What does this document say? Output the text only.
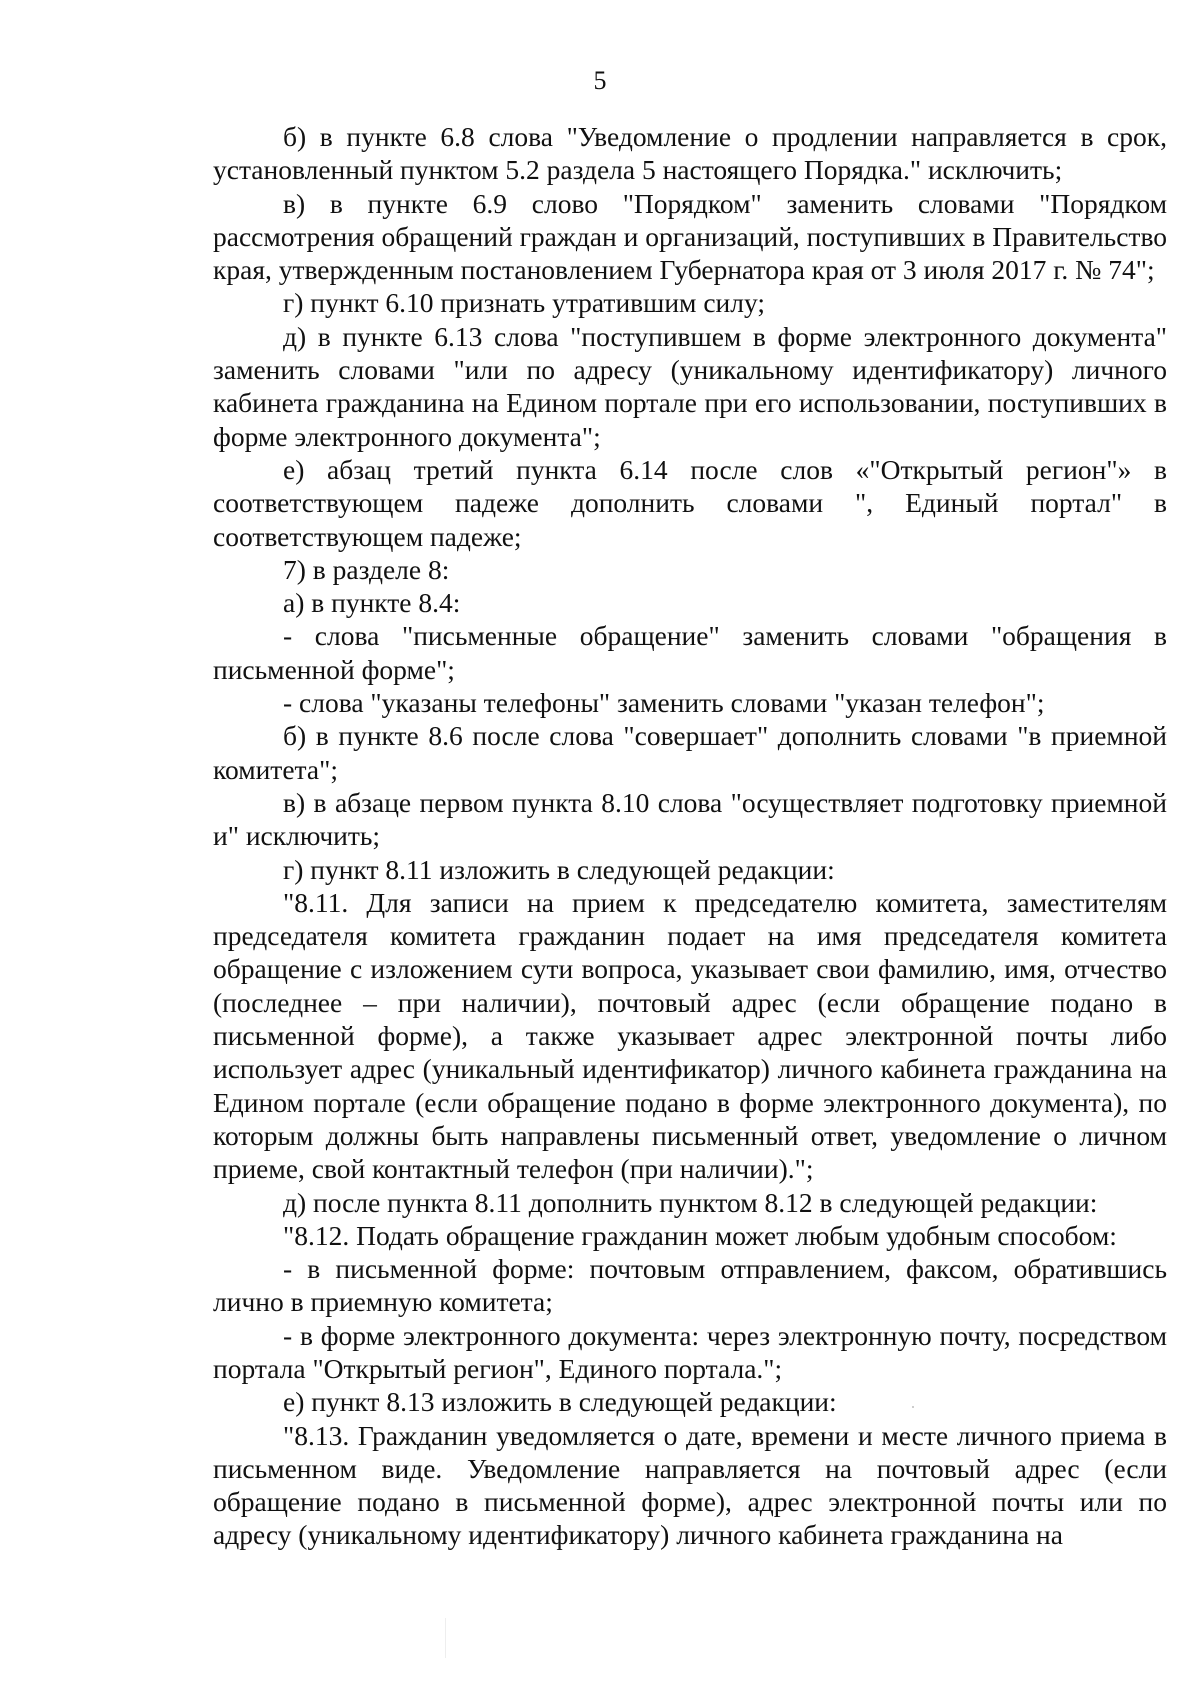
5

б) в пункте 6.8 слова "Уведомление о продлении направляется в срок, установленный пунктом 5.2 раздела 5 настоящего Порядка." исключить;

в) в пункте 6.9 слово "Порядком" заменить словами "Порядком рассмотрения обращений граждан и организаций, поступивших в Правительство края, утвержденным постановлением Губернатора края от 3 июля 2017 г. № 74";

г) пункт 6.10 признать утратившим силу;

д) в пункте 6.13 слова "поступившем в форме электронного документа" заменить словами "или по адресу (уникальному идентификатору) личного кабинета гражданина на Едином портале при его использовании, поступивших в форме электронного документа";

е) абзац третий пункта 6.14 после слов «"Открытый регион"» в соответствующем падеже дополнить словами ", Единый портал" в соответствующем падеже;

7) в разделе 8:

а) в пункте 8.4:

- слова "письменные обращение" заменить словами "обращения в письменной форме";

- слова "указаны телефоны" заменить словами "указан телефон";

б) в пункте 8.6 после слова "совершает" дополнить словами "в приемной комитета";

в) в абзаце первом пункта 8.10 слова "осуществляет подготовку приемной и" исключить;

г) пункт 8.11 изложить в следующей редакции:

"8.11. Для записи на прием к председателю комитета, заместителям председателя комитета гражданин подает на имя председателя комитета обращение с изложением сути вопроса, указывает свои фамилию, имя, отчество (последнее – при наличии), почтовый адрес (если обращение подано в письменной форме), а также указывает адрес электронной почты либо использует адрес (уникальный идентификатор) личного кабинета гражданина на Едином портале (если обращение подано в форме электронного документа), по которым должны быть направлены письменный ответ, уведомление о личном приеме, свой контактный телефон (при наличии).";

д) после пункта 8.11 дополнить пунктом 8.12 в следующей редакции:

"8.12. Подать обращение гражданин может любым удобным способом:

- в письменной форме: почтовым отправлением, факсом, обратившись лично в приемную комитета;

- в форме электронного документа: через электронную почту, посредством портала "Открытый регион", Единого портала.";

е) пункт 8.13 изложить в следующей редакции:

"8.13. Гражданин уведомляется о дате, времени и месте личного приема в письменном виде. Уведомление направляется на почтовый адрес (если обращение подано в письменной форме), адрес электронной почты или по адресу (уникальному идентификатору) личного кабинета гражданина на
